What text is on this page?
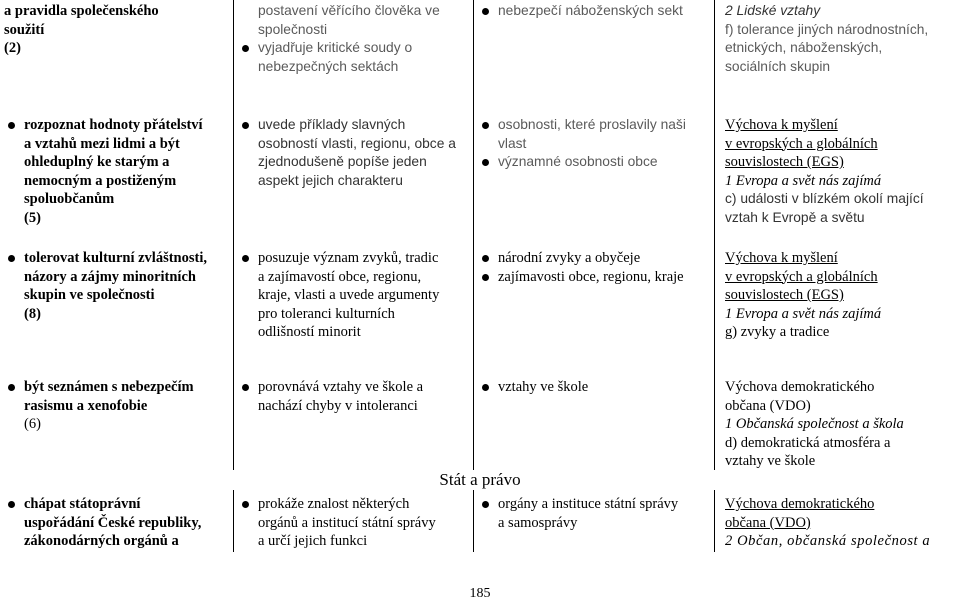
a pravidla společenského
soužití
(2)
postavení věřícího člověka ve
společnosti
vyjadřuje kritické soudy o
nebezpečných sektách
nebezpečí náboženských sekt	2 Lidské vztahy
f) tolerance jiných národnostních,
etnických, náboženských,
sociálních skupin
rozpoznat hodnoty přátelství
a vztahů mezi lidmi a být
ohleduplný ke starým a
nemocným a postiženým
spoluobčanům
(5)
uvede příklady slavných
osobností vlasti, regionu, obce a
zjednodušeně popíše jeden
aspekt jejich charakteru
osobnosti, které proslavily naši
vlast
významné osobnosti obce
Výchova k myšlení
v evropských a globálních
souvislostech (EGS)
1 Evropa a svět nás zajímá
c) události v blízkém okolí mající
vztah k Evropě a světu
tolerovat kulturní zvláštnosti,
názory a zájmy minoritních
skupin ve společnosti
(8)
posuzuje význam zvyků, tradic
a zajímavostí obce, regionu,
kraje, vlasti a uvede argumenty
pro toleranci kulturních
odlišností minorit
národní zvyky a obyčeje
zajímavosti obce, regionu, kraje
Výchova k myšlení
v evropských a globálních
souvislostech (EGS)
1 Evropa a svět nás zajímá
g) zvyky a tradice
být seznámen s nebezpečím
rasismu a xenofobie
(6)
porovnává vztahy ve škole a
nachází chyby v intoleranci
vztahy ve škole	Výchova demokratického
občana (VDO)
1 Občanská společnost a škola
d) demokratická atmosféra a
vztahy ve škole
Stát a právo
chápat státoprávní
uspořádání České republiky,
zákonodárných orgánů a
prokáže znalost některých
orgánů a institucí státní správy
a určí jejich funkci
orgány a instituce státní správy
a samosprávy
Výchova demokratického
občana (VDO)
2 Občan, občanská společnost a
185
